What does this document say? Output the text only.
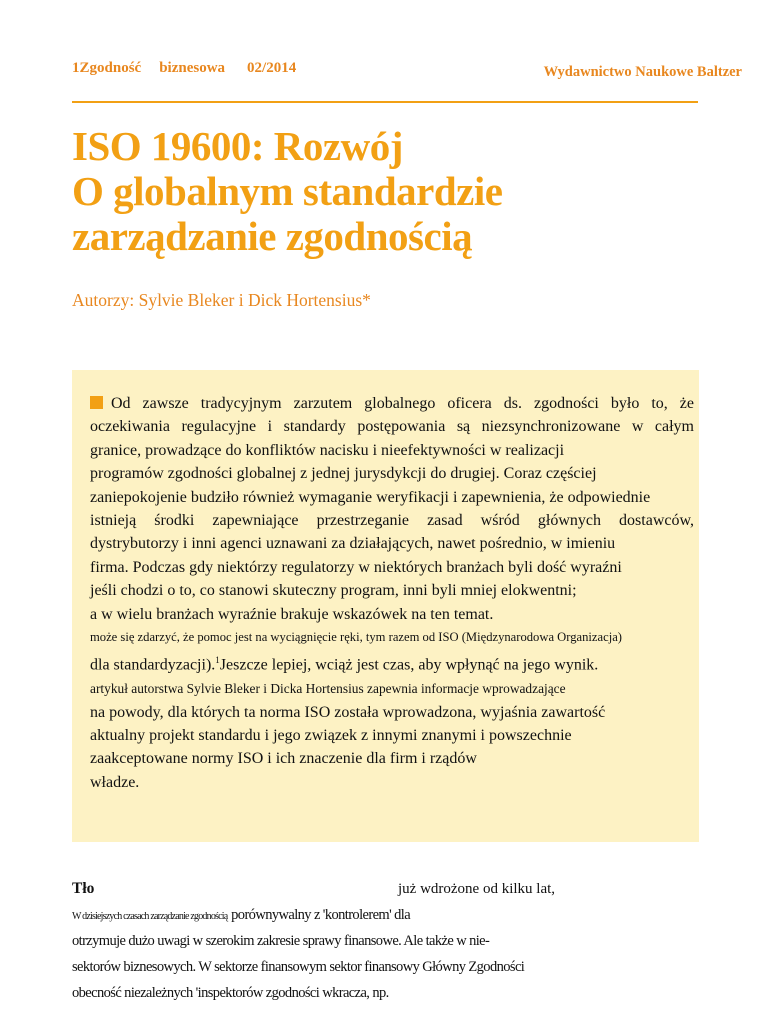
1Zgodność biznesowa 02/2014	Wydawnictwo Naukowe Baltzer
ISO 19600: Rozwój
O globalnym standardzie
zarządzanie zgodnością
Autorzy: Sylvie Bleker i Dick Hortensius*
Od zawsze tradycyjnym zarzutem globalnego oficera ds. zgodności było to, że
oczekiwania regulacyjne i standardy postępowania są niezsynchronizowane w całym
granice, prowadzące do konfliktów nacisku i nieefektywności w realizacji
programów zgodności globalnej z jednej jurysdykcji do drugiej. Coraz częściej
zaniepokojenie budziło również wymaganie weryfikacji i zapewnienia, że odpowiednie
istnieją środki zapewniające przestrzeganie zasad wśród głównych dostawców,
dystrybutorzy i inni agenci uznawani za działających, nawet pośrednio, w imieniu
firma. Podczas gdy niektórzy regulatorzy w niektórych branżach byli dość wyraźni
jeśli chodzi o to, co stanowi skuteczny program, inni byli mniej elokwentni;
a w wielu branżach wyraźnie brakuje wskazówek na ten temat.
może się zdarzyć, że pomoc jest na wyciągnięcie ręki, tym razem od ISO (Międzynarodowa Organizacja)
dla standardyzacji).$^1$Jeszcze lepiej, wciąż jest czas, aby wpłynąć na jego wynik.
artykuł autorstwa Sylvie Bleker i Dicka Hortensius zapewnia informacje wprowadzające
na powody, dla których ta norma ISO została wprowadzona, wyjaśnia zawartość
aktualny projekt standardu i jego związek z innymi znanymi i powszechnie
zaakceptowane normy ISO i ich znaczenie dla firm i rządów
władze.
Tło	już wdrożone od kilku lat,
W dzisiejszych czasach zarządzanie zgodnością porównywalny z 'kontrolerem' dla
otrzymuje dużo uwagi w szerokim zakresie sprawy finansowe. Ale także w nie-
sektorów biznesowych. W sektorze finansowym sektor finansowy Główny Zgodności
obecność niezależnych 'inspektorów zgodności wkracza, np.
